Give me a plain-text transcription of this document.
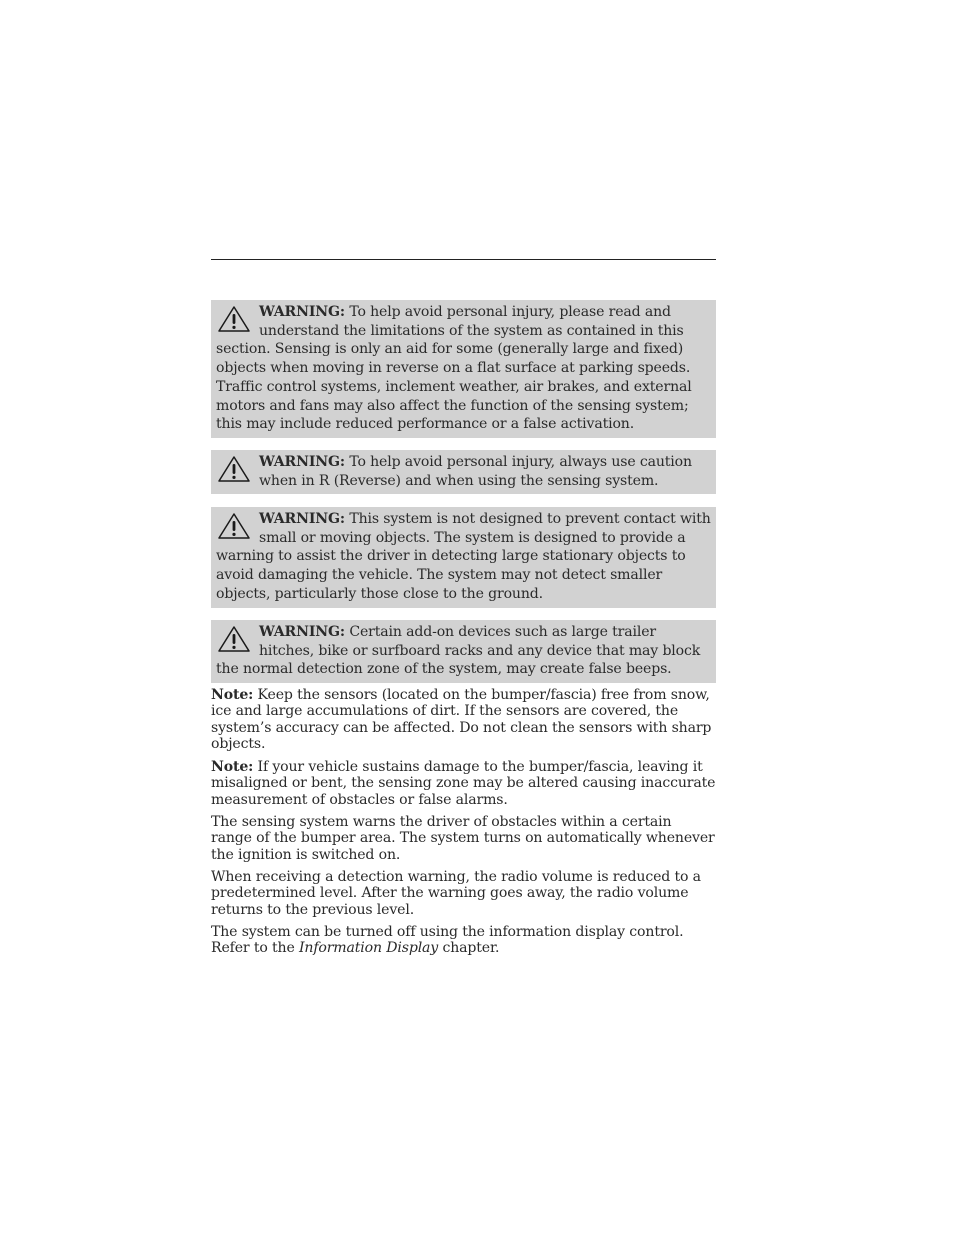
WARNING: To help avoid personal injury, please read and understand the limitations of the system as contained in this section. Sensing is only an aid for some (generally large and fixed) objects when moving in reverse on a flat surface at parking speeds. Traffic control systems, inclement weather, air brakes, and external motors and fans may also affect the function of the sensing system; this may include reduced performance or a false activation.
WARNING: To help avoid personal injury, always use caution when in R (Reverse) and when using the sensing system.
WARNING: This system is not designed to prevent contact with small or moving objects. The system is designed to provide a warning to assist the driver in detecting large stationary objects to avoid damaging the vehicle. The system may not detect smaller objects, particularly those close to the ground.
WARNING: Certain add-on devices such as large trailer hitches, bike or surfboard racks and any device that may block the normal detection zone of the system, may create false beeps.

Note: Keep the sensors (located on the bumper/fascia) free from snow, ice and large accumulations of dirt. If the sensors are covered, the system’s accuracy can be affected. Do not clean the sensors with sharp objects.

Note: If your vehicle sustains damage to the bumper/fascia, leaving it misaligned or bent, the sensing zone may be altered causing inaccurate measurement of obstacles or false alarms.

The sensing system warns the driver of obstacles within a certain range of the bumper area. The system turns on automatically whenever the ignition is switched on.

When receiving a detection warning, the radio volume is reduced to a predetermined level. After the warning goes away, the radio volume returns to the previous level.

The system can be turned off using the information display control. Refer to the Information Display chapter.
